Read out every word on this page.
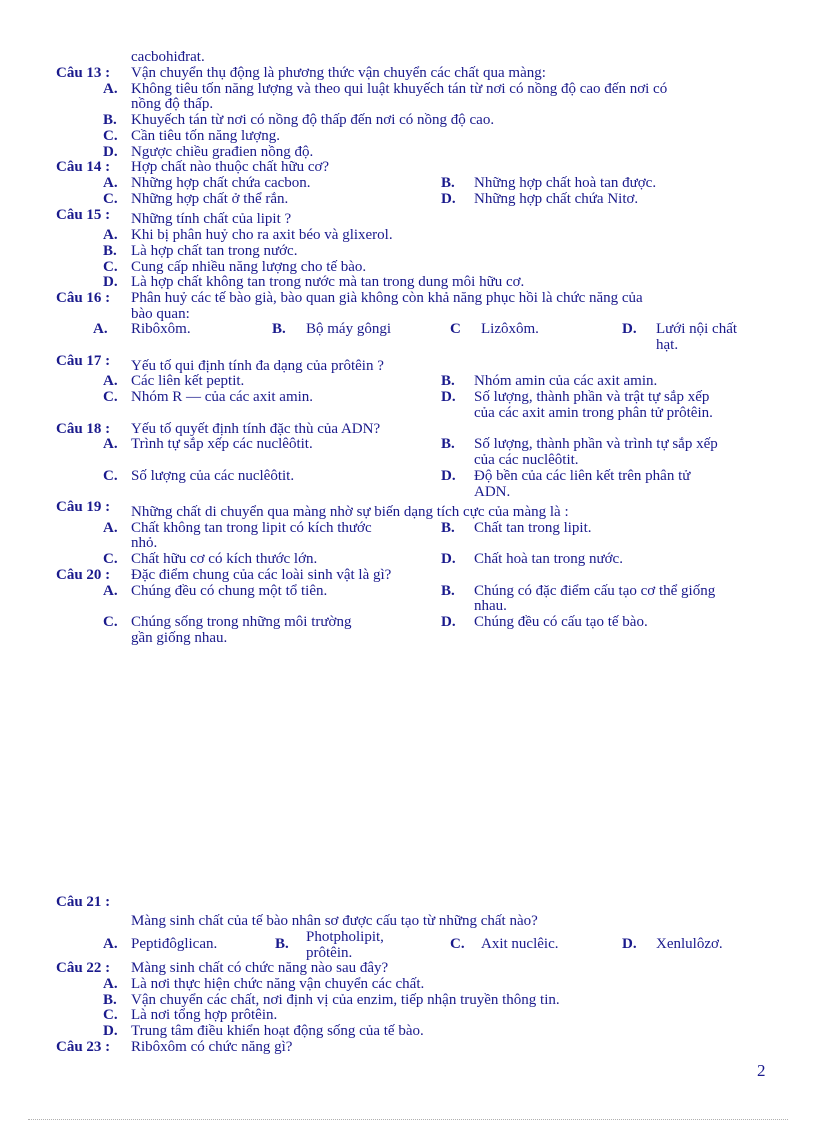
cacbohiđrat.
Câu 13 : Vận chuyển thụ động là phương thức vận chuyển các chất qua màng:
A. Không tiêu tốn năng lượng và theo qui luật khuyếch tán từ nơi có nồng độ cao đến nơi có
nồng độ thấp.
B. Khuyếch tán từ nơi có nồng độ thấp đến nơi có nồng độ cao.
C. Cần tiêu tốn năng lượng.
D. Ngược chiều građien nồng độ.
Câu 14 : Hợp chất nào thuộc chất hữu cơ?
A. Những hợp chất chứa cacbon.	B. Những hợp chất hoà tan được.
C. Những hợp chất ở thể rắn.	D. Những hợp chất chứa Nitơ.
Câu 15 : Những tính chất của lipit ?
A. Khi bị phân huỷ cho ra axit béo và glixerol.
B. Là hợp chất tan trong nước.
C. Cung cấp nhiều năng lượng cho tế bào.
D. Là hợp chất không tan trong nước mà tan trong dung môi hữu cơ.
Câu 16 : Phân huỷ các tế bào già, bào quan già không còn khả năng phục hồi là chức năng của
bào quan:
A. Ribôxôm.	B. Bộ máy gôngi	C Lizôxôm.	D. Lưới nội chất
hạt.
Câu 17 : Yếu tố qui định tính đa dạng của prôtêin ?
A. Các liên kết peptit.	B. Nhóm amin của các axit amin.
C. Nhóm R — của các axit amin.	D. Số lượng, thành phần và trật tự sắp xếp
của các axit amin trong phân tử prôtêin.
Câu 18 : Yếu tố quyết định tính đặc thù của ADN?
A. Trình tự sắp xếp các nuclêôtit.	B. Số lượng, thành phần và trình tự sắp xếp
của các nuclêôtit.
C. Số lượng của các nuclêôtit.	D. Độ bền của các liên kết trên phân tử
ADN.
Câu 19 : Những chất di chuyển qua màng nhờ sự biến dạng tích cực của màng là :
A. Chất không tan trong lipit có kích thước	B. Chất tan trong lipit.
nhỏ.
C. Chất hữu cơ có kích thước lớn.	D. Chất hoà tan trong nước.
Câu 20 : Đặc điểm chung của các loài sinh vật là gì?
A. Chúng đều có chung một tổ tiên.	B. Chúng có đặc điểm cấu tạo cơ thể giống
nhau.
C. Chúng sống trong những môi trường	D. Chúng đều có cấu tạo tế bào.
gần giống nhau.
Câu 21 :
Màng sinh chất của tế bào nhân sơ được cấu tạo từ những chất nào?
A. Peptiđôglican.	B. Photpholipit,
prôtêin.
C. Axit nuclêic.	D. Xenlulôzơ.
Câu 22 : Màng sinh chất có chức năng nào sau đây?
A. Là nơi thực hiện chức năng vận chuyển các chất.
B. Vận chuyển các chất, nơi định vị của enzim, tiếp nhận truyền thông tin.
C. Là nơi tổng hợp prôtêin.
D. Trung tâm điều khiển hoạt động sống của tế bào.
Câu 23 : Ribôxôm có chức năng gì?
2
